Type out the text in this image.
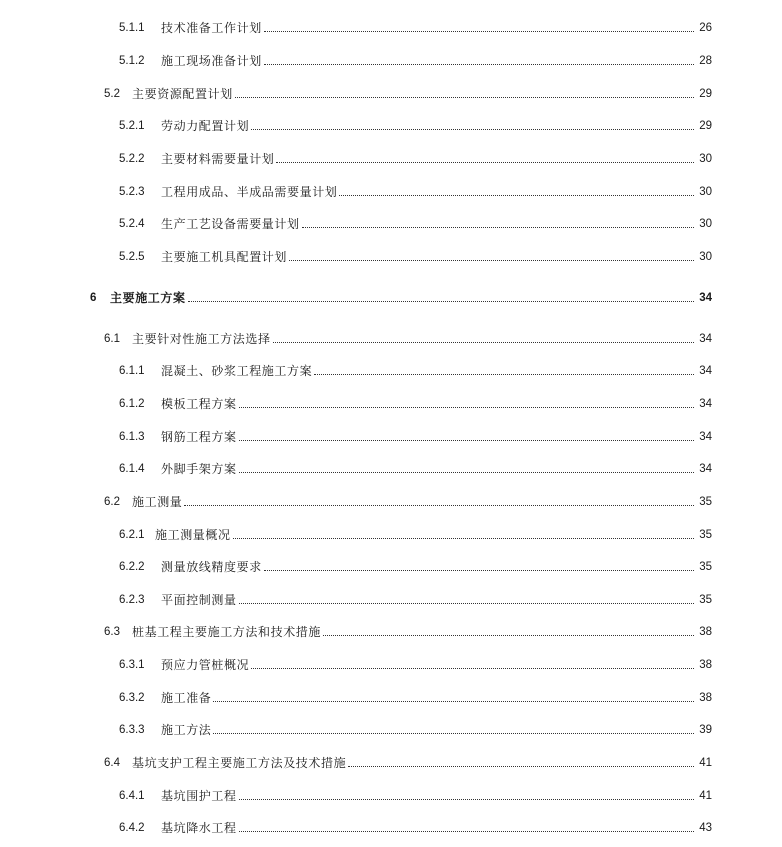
5.1.1	技术准备工作计划	26
5.1.2	施工现场准备计划	28
5.2	主要资源配置计划	29
5.2.1	劳动力配置计划	29
5.2.2	主要材料需要量计划	30
5.2.3	工程用成品、半成品需要量计划	30
5.2.4	生产工艺设备需要量计划	30
5.2.5	主要施工机具配置计划	30
6	主要施工方案	34
6.1	主要针对性施工方法选择	34
6.1.1	混凝土、砂浆工程施工方案	34
6.1.2	模板工程方案	34
6.1.3	钢筋工程方案	34
6.1.4	外脚手架方案	34
6.2	施工测量	35
6.2.1 施工测量概况	35
6.2.2	测量放线精度要求	35
6.2.3	平面控制测量	35
6.3	桩基工程主要施工方法和技术措施	38
6.3.1	预应力管桩概况	38
6.3.2	施工准备	38
6.3.3	施工方法	39
6.4	基坑支护工程主要施工方法及技术措施	41
6.4.1	基坑围护工程	41
6.4.2	基坑降水工程	43
